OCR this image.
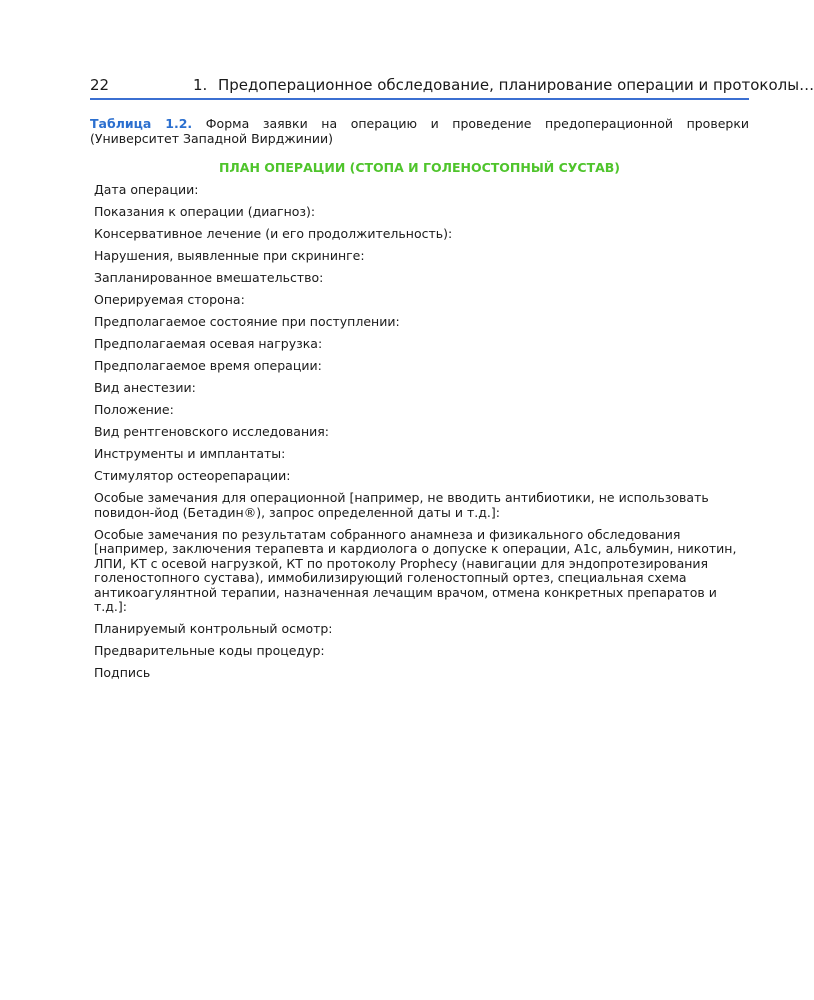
22	1. Предоперационное обследование, планирование операции и протоколы…
Таблица 1.2. Форма заявки на операцию и проведение предоперационной проверки (Университет Западной Вирджинии)
ПЛАН ОПЕРАЦИИ (СТОПА И ГОЛЕНОСТОПНЫЙ СУСТАВ)
Дата операции:
Показания к операции (диагноз):
Консервативное лечение (и его продолжительность):
Нарушения, выявленные при скрининге:
Запланированное вмешательство:
Оперируемая сторона:
Предполагаемое состояние при поступлении:
Предполагаемая осевая нагрузка:
Предполагаемое время операции:
Вид анестезии:
Положение:
Вид рентгеновского исследования:
Инструменты и имплантаты:
Стимулятор остеорепарации:
Особые замечания для операционной [например, не вводить антибиотики, не использовать повидон-йод (Бетадин®), запрос определенной даты и т.д.]:
Особые замечания по результатам собранного анамнеза и физикального обследования [например, заключения терапевта и кардиолога о допуске к операции, A1c, альбумин, никотин, ЛПИ, КТ с осевой нагрузкой, КТ по протоколу Prophecy (навигации для эндопротезирования голеностопного сустава), иммобилизирующий голеностопный ортез, специальная схема антикоагулянтной терапии, назначенная лечащим врачом, отмена конкретных препаратов и т.д.]:
Планируемый контрольный осмотр:
Предварительные коды процедур:
Подпись
